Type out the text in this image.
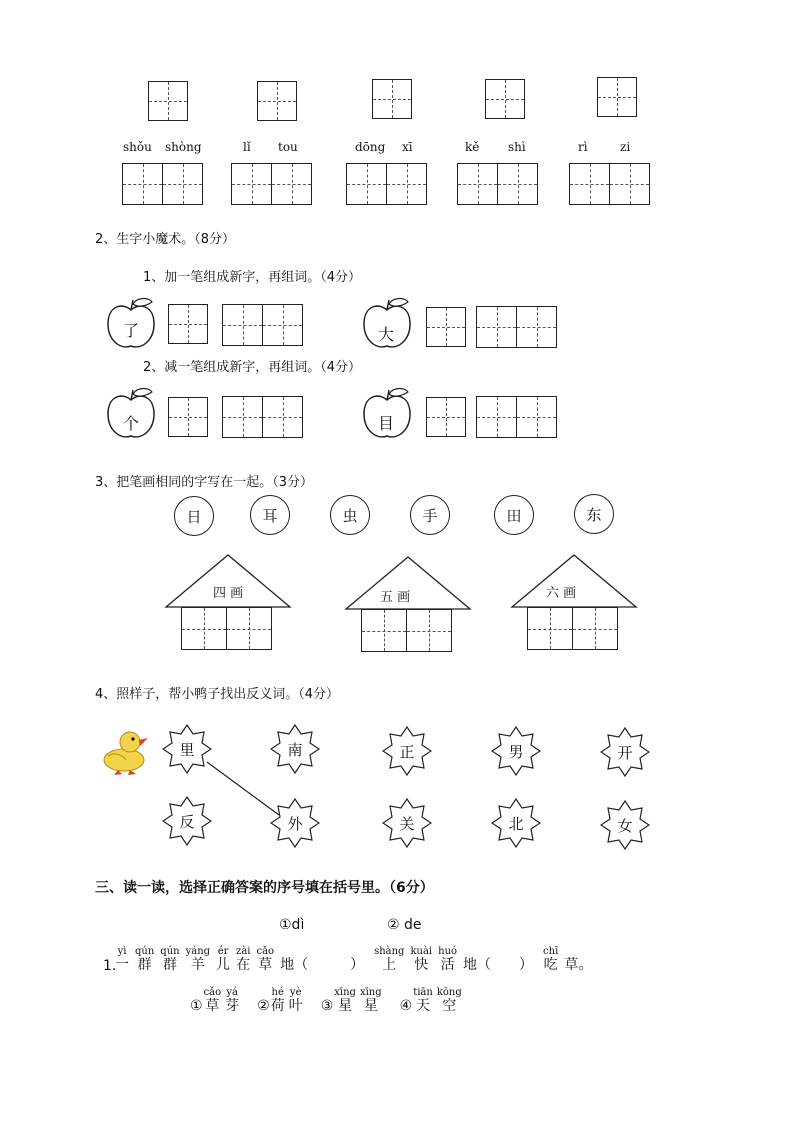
shǒu shòng	lǐ tou	dōng xī	kě shì	rì	zi
2、生字小魔术。（8分）
1、加一笔组成新字，再组词。（4分）
2、减一笔组成新字，再组词。（4分）
了	大
个	目
3、把笔画相同的字写在一起。（3分）
日	耳	虫	手	田	东
四 画	五 画	六 画
4、照样子，帮小鸭子找出反义词。（4分）
里	南	正	男	开
反	外	关	北	女
三、读一读，选择正确答案的序号填在括号里。（6分）
①dì	② de
1.
yì
一
qún
群
qún
群
yáng
羊
ér
儿
zài
在
cǎo
草
地（　　　）
shàng
上
kuài
快
huó
活
地（　　）
chī
吃
草。

①
cǎo
草
yá
芽
②
hé
荷
yè
叶
③
xīng
星
xīng
星
④
tiān
天
kōng
空
